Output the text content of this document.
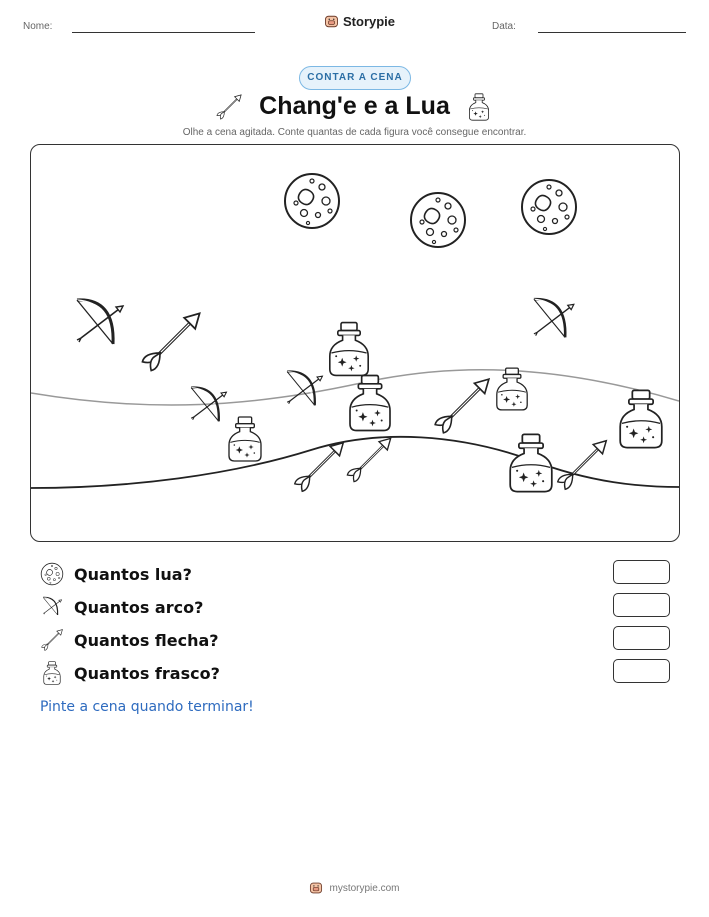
Nome:	Storypie	Data:
CONTAR A CENA
Chang'e e a Lua
Olhe a cena agitada. Conte quantas de cada figura você consegue encontrar.
Quantos lua?
Quantos arco?
Quantos flecha?
Quantos frasco?
Pinte a cena quando terminar!
mystorypie.com
